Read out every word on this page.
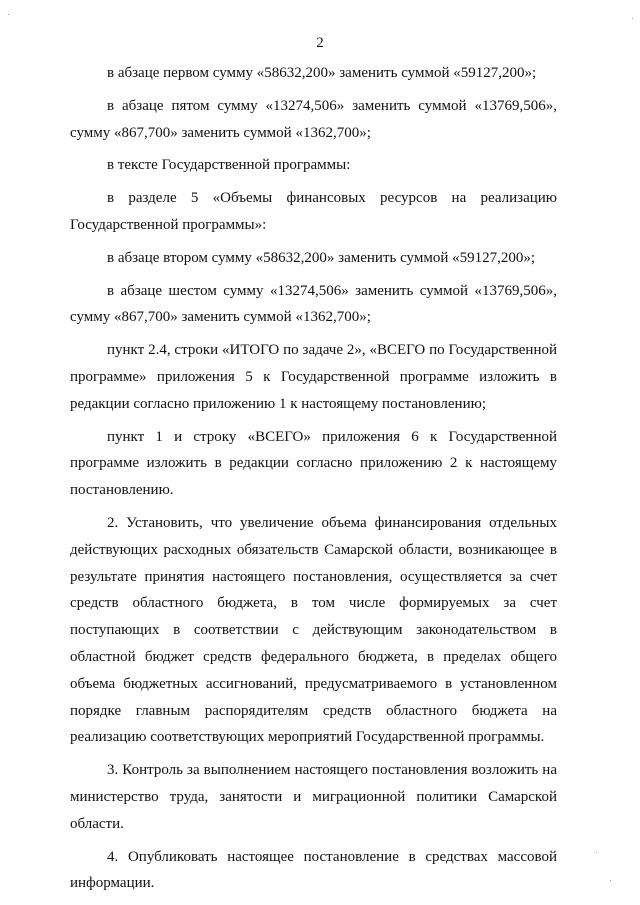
2

в абзаце первом сумму «58632,200» заменить суммой «59127,200»;

в абзаце пятом сумму «13274,506» заменить суммой «13769,506», сумму «867,700» заменить суммой «1362,700»;

в тексте Государственной программы:

в разделе 5 «Объемы финансовых ресурсов на реализацию Государственной программы»:

в абзаце втором сумму «58632,200» заменить суммой «59127,200»;

в абзаце шестом сумму «13274,506» заменить суммой «13769,506», сумму «867,700» заменить суммой «1362,700»;

пункт 2.4, строки «ИТОГО по задаче 2», «ВСЕГО по Государственной программе» приложения 5 к Государственной программе изложить в редакции согласно приложению 1 к настоящему постановлению;

пункт 1 и строку «ВСЕГО» приложения 6 к Государственной программе изложить в редакции согласно приложению 2 к настоящему постановлению.

2. Установить, что увеличение объема финансирования отдельных действующих расходных обязательств Самарской области, возникающее в результате принятия настоящего постановления, осуществляется за счет средств областного бюджета, в том числе формируемых за счет поступающих в соответствии с действующим законодательством в областной бюджет средств федерального бюджета, в пределах общего объема бюджетных ассигнований, предусматриваемого в установленном порядке главным распорядителям средств областного бюджета на реализацию соответствующих мероприятий Государственной программы.

3. Контроль за выполнением настоящего постановления возложить на министерство труда, занятости и миграционной политики Самарской области.

4. Опубликовать настоящее постановление в средствах массовой информации.
